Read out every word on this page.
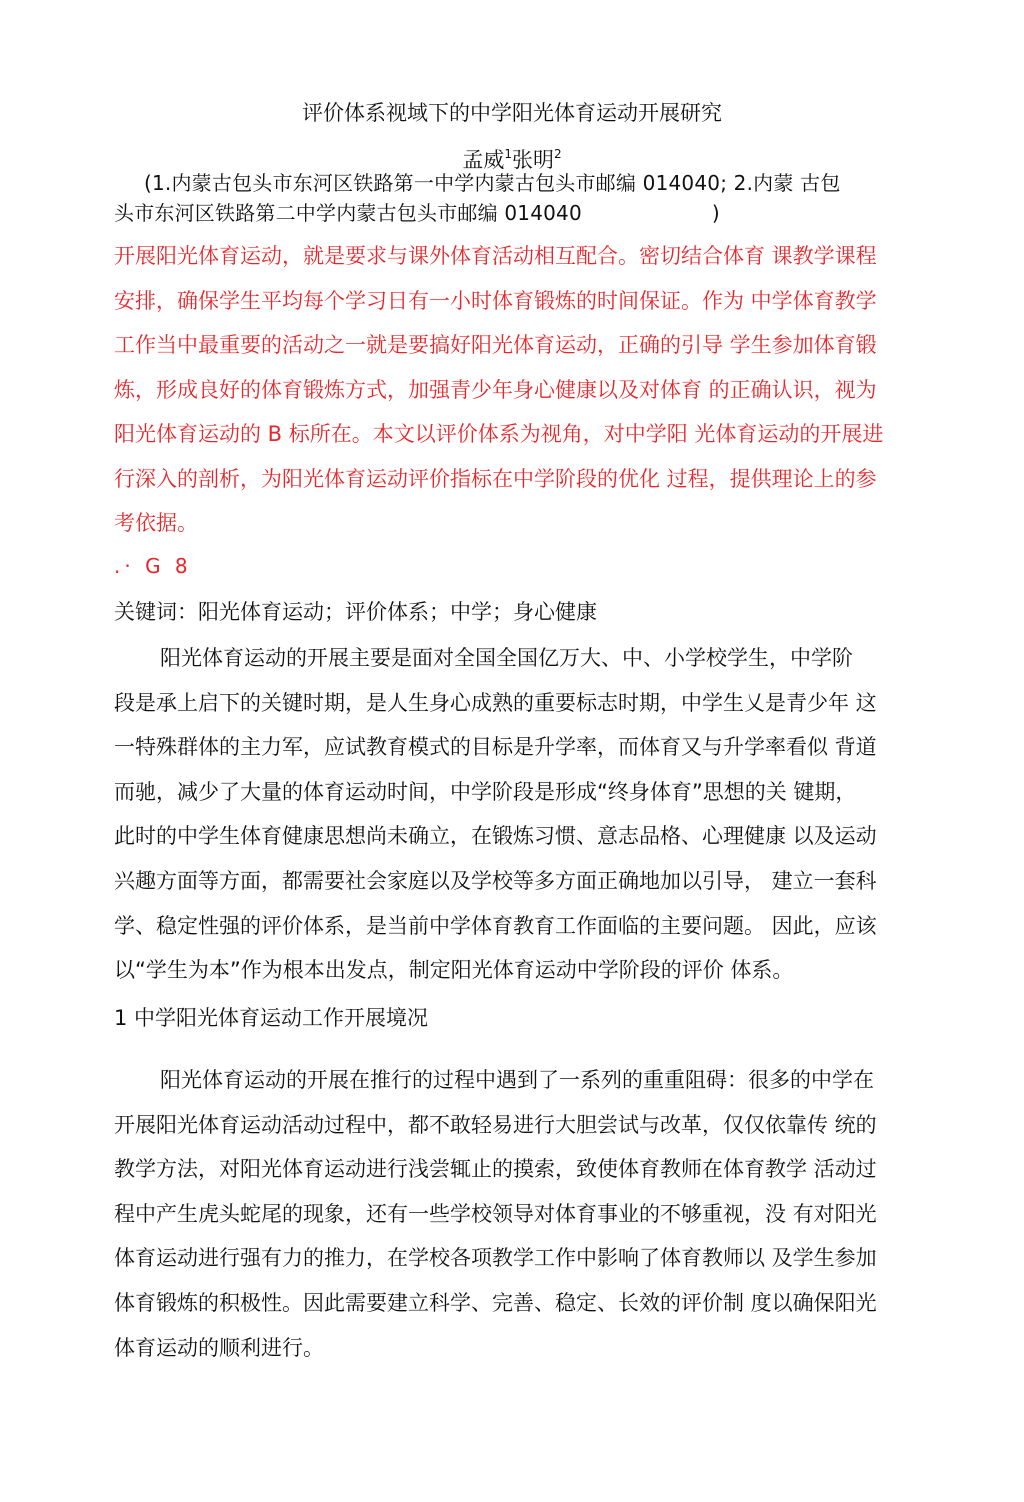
评价体系视域下的中学阳光体育运动开展研究
孟威$^1$张明$^2$
(1.内蒙古包头市东河区铁路第一中学内蒙古包头市邮编 014040; 2.内蒙 古包
头市东河区铁路第二中学内蒙古包头市邮编 014040	)
开展阳光体育运动，就是要求与课外体育活动相互配合。密切结合体育 课教学课程
安排，确保学生平均每个学习日有一小时体育锻炼的时间保证。作为 中学体育教学
工作当中最重要的活动之一就是要搞好阳光体育运动，正确的引导 学生参加体育锻
炼，形成良好的体育锻炼方式，加强青少年身心健康以及对体育 的正确认识，视为
阳光体育运动的 B 标所在。本文以评价体系为视角，对中学阳 光体育运动的开展进
行深入的剖析，为阳光体育运动评价指标在中学阶段的优化 过程，提供理论上的参
考依据。
.· G 8
关键词：阳光体育运动；评价体系；中学；身心健康
阳光体育运动的开展主要是面对全国全国亿万大、中、小学校学生，中学阶
段是承上启下的关键时期，是人生身心成熟的重要标志时期，中学生乂是青少年 这
一特殊群体的主力军，应试教育模式的目标是升学率，而体育又与升学率看似 背道
而驰，减少了大量的体育运动时间，中学阶段是形成“终身体育”思想的关 键期，
此时的中学生体育健康思想尚未确立，在锻炼习惯、意志品格、心理健康 以及运动
兴趣方面等方面，都需要社会家庭以及学校等多方面正确地加以引导， 建立一套科
学、稳定性强的评价体系，是当前中学体育教育工作面临的主要问题。 因此，应该
以“学生为本”作为根本出发点，制定阳光体育运动中学阶段的评价 体系。
1 中学阳光体育运动工作开展境况
阳光体育运动的开展在推行的过程中遇到了一系列的重重阻碍：很多的中学在
开展阳光体育运动活动过程中，都不敢轻易进行大胆尝试与改革，仅仅依靠传 统的
教学方法，对阳光体育运动进行浅尝辄止的摸索，致使体育教师在体育教学 活动过
程中产生虎头蛇尾的现象，还有一些学校领导对体育事业的不够重视，没 有对阳光
体育运动进行强有力的推力，在学校各项教学工作中影响了体育教师以 及学生参加
体育锻炼的积极性。因此需要建立科学、完善、稳定、长效的评价制 度以确保阳光
体育运动的顺利进行。
